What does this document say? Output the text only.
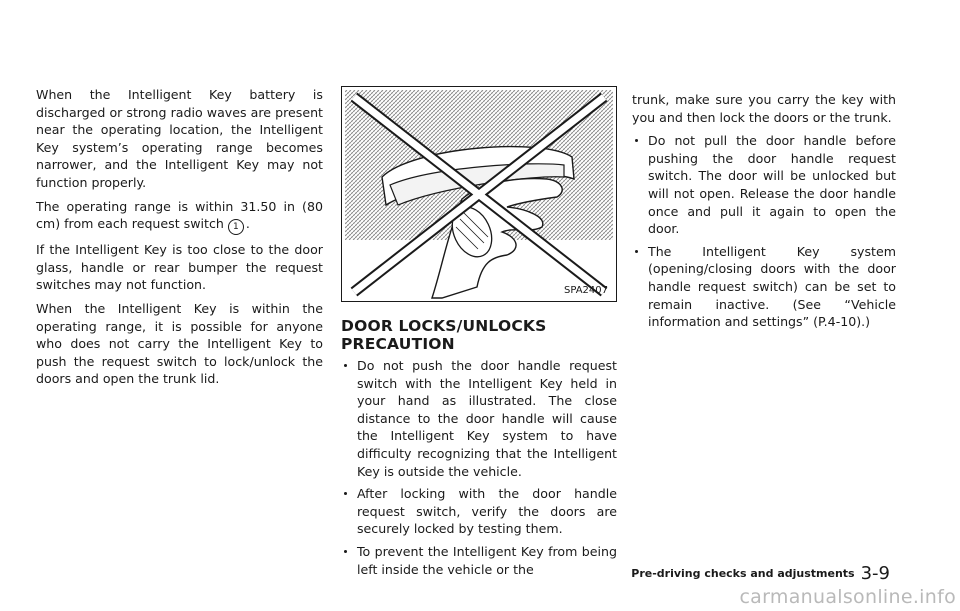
When the Intelligent Key battery is discharged or strong radio waves are present near the operating location, the Intelligent Key system’s operating range becomes narrower, and the Intelligent Key may not function properly.

The operating range is within 31.50 in (80 cm) from each request switch 1 .

If the Intelligent Key is too close to the door glass, handle or rear bumper the request switches may not function.

When the Intelligent Key is within the operating range, it is possible for anyone who does not carry the Intelligent Key to push the request switch to lock/unlock the doors and open the trunk lid.

SPA2407
DOOR LOCKS/UNLOCKS PRECAUTION
Do not push the door handle request switch with the Intelligent Key held in your hand as illustrated. The close distance to the door handle will cause the Intelligent Key system to have difficulty recognizing that the Intelligent Key is outside the vehicle.
After locking with the door handle request switch, verify the doors are securely locked by testing them.
To prevent the Intelligent Key from being left inside the vehicle or the

trunk, make sure you carry the key with you and then lock the doors or the trunk.

Do not pull the door handle before pushing the door handle request switch. The door will be unlocked but will not open. Release the door handle once and pull it again to open the door.
The Intelligent Key system (opening/closing doors with the door handle request switch) can be set to remain inactive. (See “Vehicle information and settings” (P.4-10).)
Pre-driving checks and adjustments 3-9
carmanualsonline.info
